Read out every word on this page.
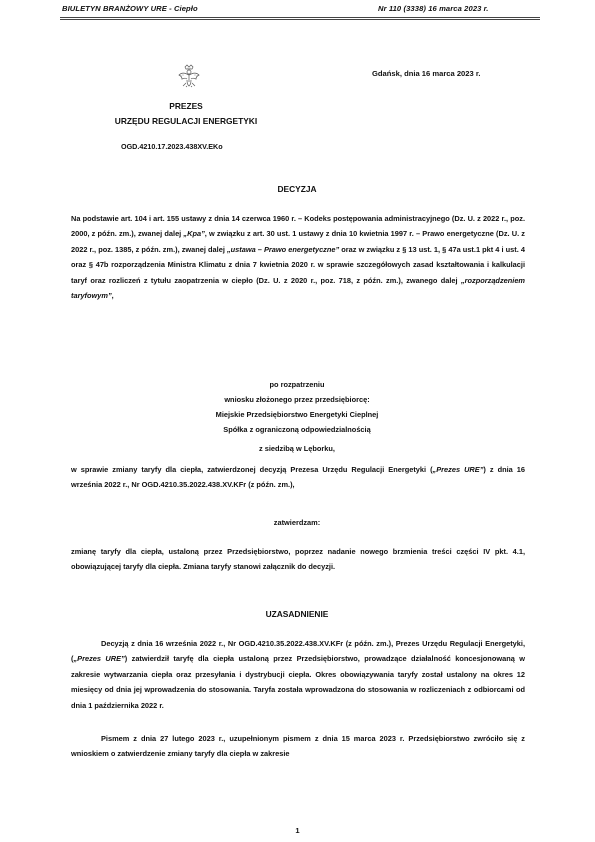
BIULETYN BRANŻOWY URE - Ciepło	Nr 110 (3338) 16 marca 2023 r.
Gdańsk, dnia 16 marca 2023 r.
PREZES
URZĘDU REGULACJI ENERGETYKI
OGD.4210.17.2023.438XV.EKo
DECYZJA
Na podstawie art. 104 i art. 155 ustawy z dnia 14 czerwca 1960 r. – Kodeks postępowania administracyjnego (Dz. U. z 2022 r., poz. 2000, z późn. zm.), zwanej dalej „Kpa”, w związku z art. 30 ust. 1 ustawy z dnia 10 kwietnia 1997 r. – Prawo energetyczne (Dz. U. z 2022 r., poz. 1385, z późn. zm.), zwanej dalej „ustawa – Prawo energetyczne” oraz w związku z § 13 ust. 1, § 47a ust.1 pkt 4 i ust. 4 oraz § 47b rozporządzenia Ministra Klimatu z dnia 7 kwietnia 2020 r. w sprawie szczegółowych zasad kształtowania i kalkulacji taryf oraz rozliczeń z tytułu zaopatrzenia w ciepło (Dz. U. z 2020 r., poz. 718, z późn. zm.), zwanego dalej „rozporządzeniem taryfowym”,
po rozpatrzeniu
wniosku złożonego przez przedsiębiorcę:
Miejskie Przedsiębiorstwo Energetyki Cieplnej
Spółka z ograniczoną odpowiedzialnością
z siedzibą w Lęborku,
w sprawie zmiany taryfy dla ciepła, zatwierdzonej decyzją Prezesa Urzędu Regulacji Energetyki („Prezes URE”) z dnia 16 września 2022 r., Nr OGD.4210.35.2022.438.XV.KFr (z późn. zm.),
zatwierdzam:
zmianę taryfy dla ciepła, ustaloną przez Przedsiębiorstwo, poprzez nadanie nowego brzmienia treści części IV pkt. 4.1, obowiązującej taryfy dla ciepła. Zmiana taryfy stanowi załącznik do decyzji.
UZASADNIENIE
Decyzją z dnia 16 września 2022 r., Nr OGD.4210.35.2022.438.XV.KFr (z późn. zm.), Prezes Urzędu Regulacji Energetyki, („Prezes URE”) zatwierdził taryfę dla ciepła ustaloną przez Przedsiębiorstwo, prowadzące działalność koncesjonowaną w zakresie wytwarzania ciepła oraz przesyłania i dystrybucji ciepła. Okres obowiązywania taryfy został ustalony na okres 12 miesięcy od dnia jej wprowadzenia do stosowania. Taryfa została wprowadzona do stosowania w rozliczeniach z odbiorcami od dnia 1 października 2022 r.
Pismem z dnia 27 lutego 2023 r., uzupełnionym pismem z dnia 15 marca 2023 r. Przedsiębiorstwo zwróciło się z wnioskiem o zatwierdzenie zmiany taryfy dla ciepła w zakresie
1
